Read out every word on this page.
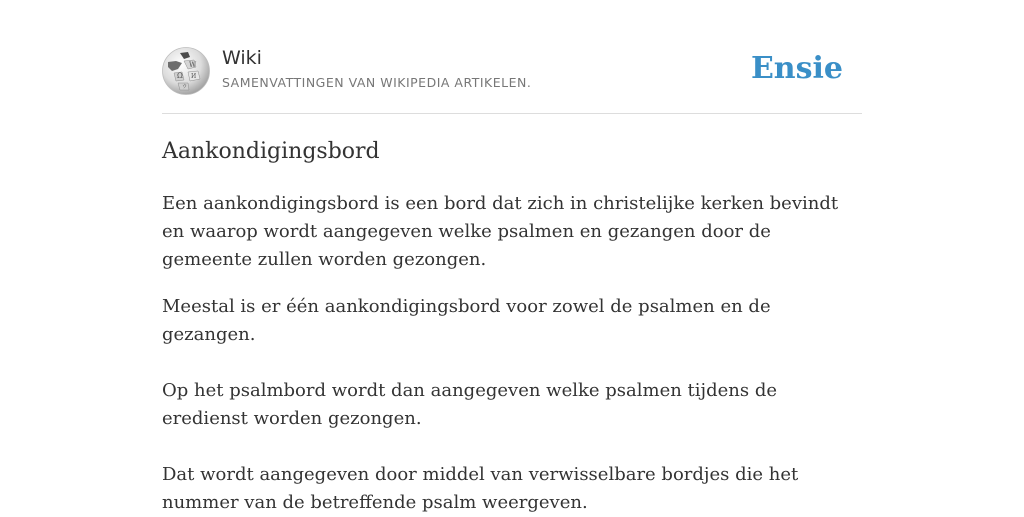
Ω
W
И
ウ
Wiki
SAMENVATTINGEN VAN WIKIPEDIA ARTIKELEN.	Ensie
Aankondigingsbord

Een aankondigingsbord is een bord dat zich in christelijke kerken bevindt en waarop wordt aangegeven welke psalmen en gezangen door de gemeente zullen worden gezongen.

Meestal is er één aankondigingsbord voor zowel de psalmen en de gezangen.

Op het psalmbord wordt dan aangegeven welke psalmen tijdens de eredienst worden gezongen.

Dat wordt aangegeven door middel van verwisselbare bordjes die het nummer van de betreffende psalm weergeven.
